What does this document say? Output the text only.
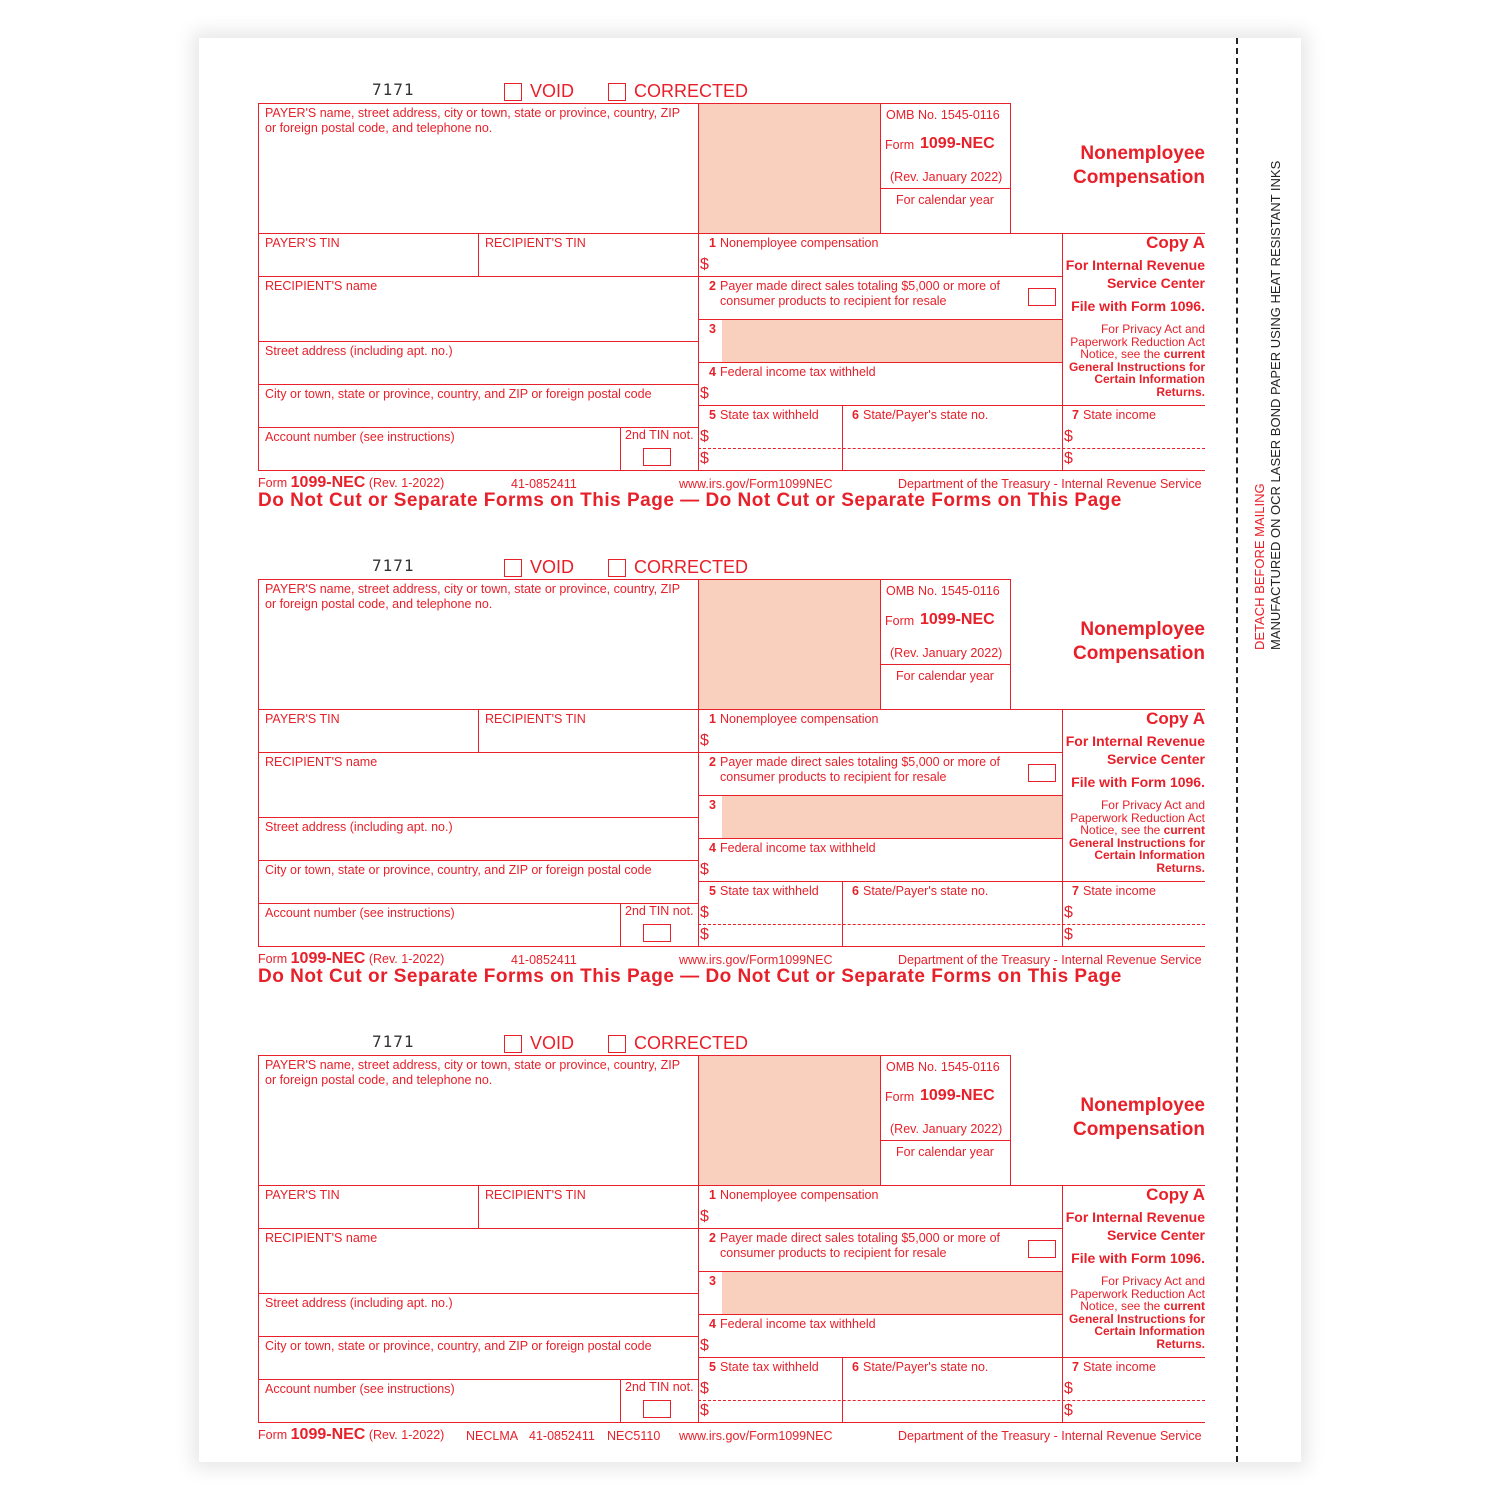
DETACH BEFORE MAILING MANUFACTURED ON OCR LASER BOND PAPER USING HEAT RESISTANT INKS
7171	VOID	CORRECTED
PAYER'S name, street address, city or town, state or province, country, ZIP
or foreign postal code, and telephone no.
OMB No. 1545-0116
Form 1099-NEC
(Rev. January 2022)
For calendar year
Nonemployee
Compensation
PAYER'S TIN	RECIPIENT'S TIN	1 Nonemployee compensation
$
RECIPIENT'S name	2 Payer made direct sales totaling $5,000 or more of
consumer products to recipient for resale
3
Street address (including apt. no.)
4 Federal income tax withheld
$
City or town, state or province, country, and ZIP or foreign postal code
5 State tax withheld
$
$
6 State/Payer's state no.	7 State income
$
$
Account number (see instructions)	2nd TIN not.
Copy A
For Internal Revenue
Service Center
File with Form 1096.
For Privacy Act and
Paperwork Reduction Act
Notice, see the current
General Instructions for
Certain Information
Returns.
Form 1099-NEC (Rev. 1-2022)	41-0852411	www.irs.gov/Form1099NEC	Department of the Treasury - Internal Revenue Service
Do Not Cut or Separate Forms on This Page — Do Not Cut or Separate Forms on This Page
7171	VOID	CORRECTED
PAYER'S name, street address, city or town, state or province, country, ZIP
or foreign postal code, and telephone no.
OMB No. 1545-0116
Form 1099-NEC
(Rev. January 2022)
For calendar year
Nonemployee
Compensation
PAYER'S TIN	RECIPIENT'S TIN	1 Nonemployee compensation
$
RECIPIENT'S name	2 Payer made direct sales totaling $5,000 or more of
consumer products to recipient for resale
3
Street address (including apt. no.)
4 Federal income tax withheld
$
City or town, state or province, country, and ZIP or foreign postal code
5 State tax withheld
$
$
6 State/Payer's state no.	7 State income
$
$
Account number (see instructions)	2nd TIN not.
Copy A
For Internal Revenue
Service Center
File with Form 1096.
For Privacy Act and
Paperwork Reduction Act
Notice, see the current
General Instructions for
Certain Information
Returns.
Form 1099-NEC (Rev. 1-2022)	41-0852411	www.irs.gov/Form1099NEC	Department of the Treasury - Internal Revenue Service
Do Not Cut or Separate Forms on This Page — Do Not Cut or Separate Forms on This Page
7171	VOID	CORRECTED
PAYER'S name, street address, city or town, state or province, country, ZIP
or foreign postal code, and telephone no.
OMB No. 1545-0116
Form 1099-NEC
(Rev. January 2022)
For calendar year
Nonemployee
Compensation
PAYER'S TIN	RECIPIENT'S TIN	1 Nonemployee compensation
$
RECIPIENT'S name	2 Payer made direct sales totaling $5,000 or more of
consumer products to recipient for resale
3
Street address (including apt. no.)
4 Federal income tax withheld
$
City or town, state or province, country, and ZIP or foreign postal code
5 State tax withheld
$
$
6 State/Payer's state no.	7 State income
$
$
Account number (see instructions)	2nd TIN not.
Copy A
For Internal Revenue
Service Center
File with Form 1096.
For Privacy Act and
Paperwork Reduction Act
Notice, see the current
General Instructions for
Certain Information
Returns.
Form 1099-NEC (Rev. 1-2022)	41-0852411	www.irs.gov/Form1099NEC	Department of the Treasury - Internal Revenue Service
NECLMA	NEC5110
